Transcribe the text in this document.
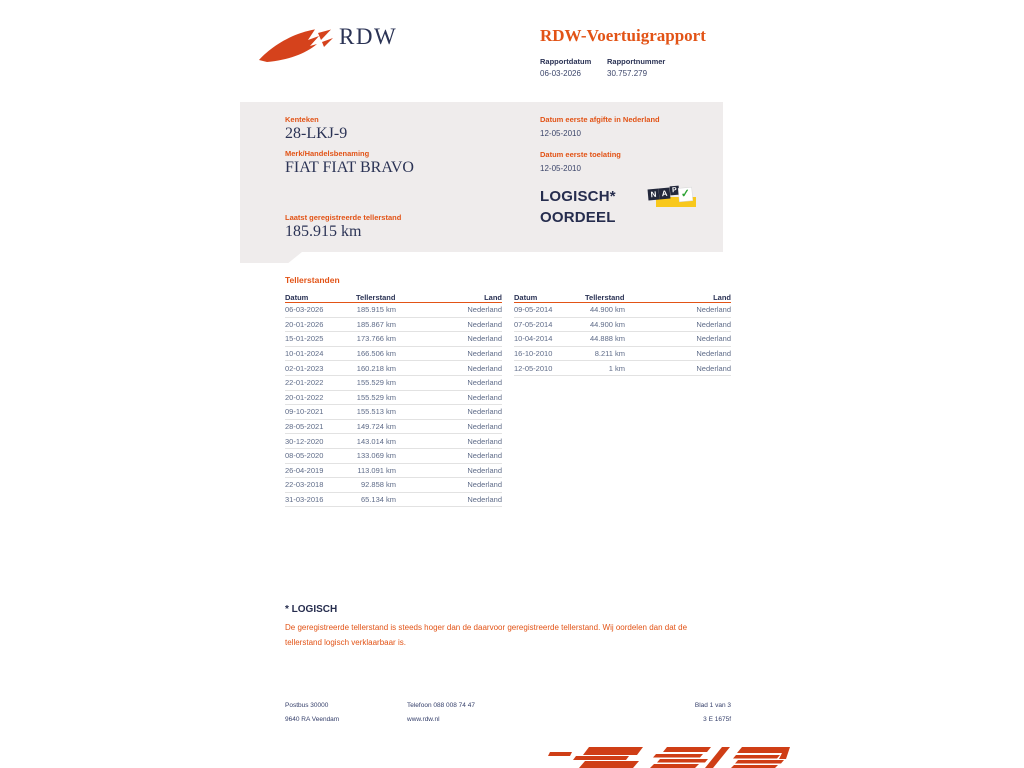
RDW	RDW-Voertuigrapport
Rapportdatum Rapportnummer
06-03-2026	30.757.279
Kenteken
28-LKJ-9
Merk/Handelsbenaming
FIAT FIAT BRAVO
Laatst geregistreerde tellerstand
185.915 km
Datum eerste afgifte in Nederland
12-05-2010
Datum eerste toelating
12-05-2010
LOGISCH*
OORDEEL
N A P ✓
Tellerstanden
Datum	Tellerstand	Land
06-03-2026	185.915 km	Nederland
20-01-2026	185.867 km	Nederland
15-01-2025	173.766 km	Nederland
10-01-2024	166.506 km	Nederland
02-01-2023	160.218 km	Nederland
22-01-2022	155.529 km	Nederland
20-01-2022	155.529 km	Nederland
09-10-2021	155.513 km	Nederland
28-05-2021	149.724 km	Nederland
30-12-2020	143.014 km	Nederland
08-05-2020	133.069 km	Nederland
26-04-2019	113.091 km	Nederland
22-03-2018	92.858 km	Nederland
31-03-2016	65.134 km	Nederland
Datum	Tellerstand	Land
09-05-2014	44.900 km	Nederland
07-05-2014	44.900 km	Nederland
10-04-2014	44.888 km	Nederland
16-10-2010	8.211 km	Nederland
12-05-2010	1 km	Nederland
* LOGISCH

De geregistreerde tellerstand is steeds hoger dan de daarvoor geregistreerde tellerstand. Wij oordelen dan dat de tellerstand logisch verklaarbaar is.

Postbus 30000
9640 RA Veendam
Telefoon 088 008 74 47
www.rdw.nl
Blad 1 van 3
3 E 1675f
